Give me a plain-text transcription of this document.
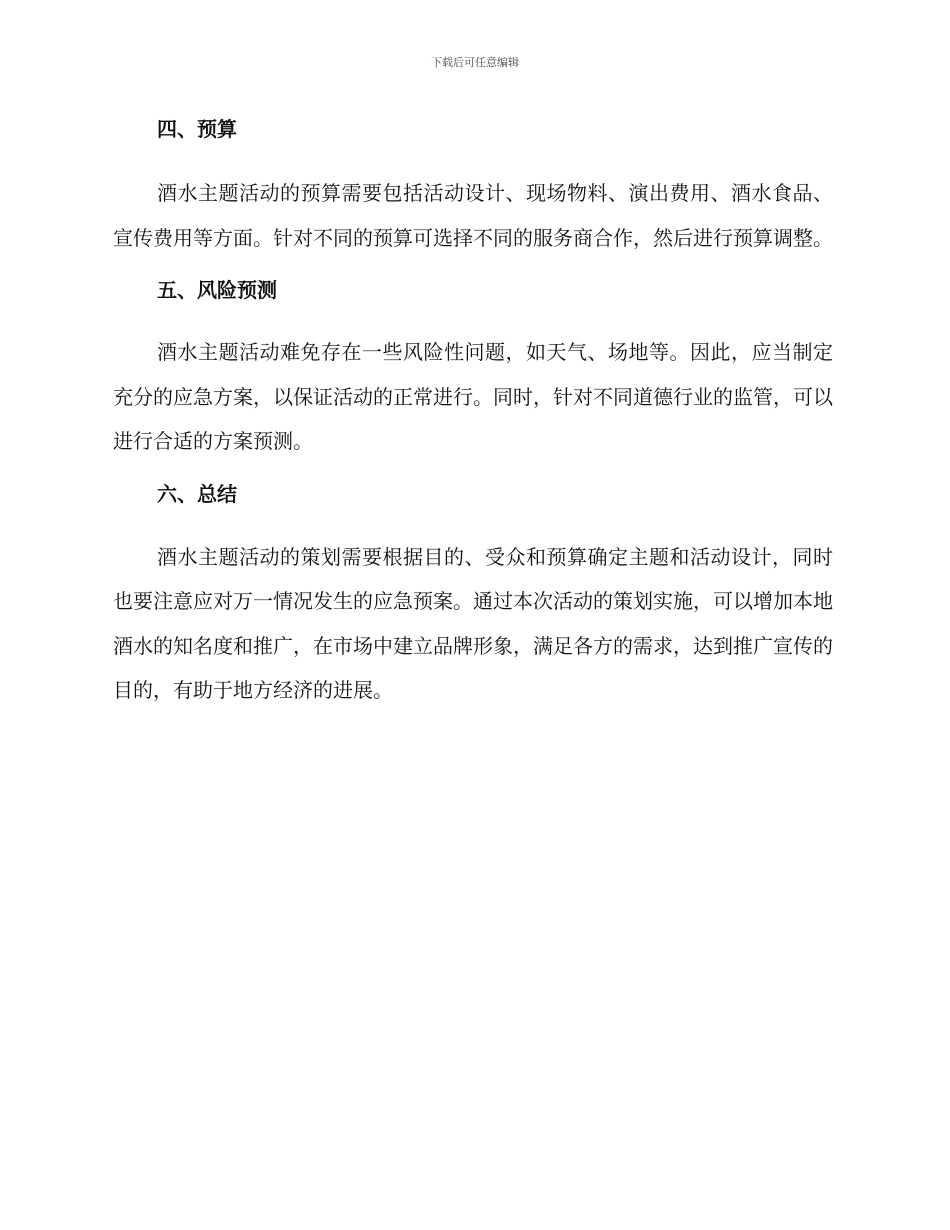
下载后可任意编辑

四、预算

酒水主题活动的预算需要包括活动设计、现场物料、演出费用、酒水食品、宣传费用等方面。针对不同的预算可选择不同的服务商合作，然后进行预算调整。

五、风险预测

酒水主题活动难免存在一些风险性问题，如天气、场地等。因此，应当制定充分的应急方案，以保证活动的正常进行。同时，针对不同道德行业的监管，可以进行合适的方案预测。

六、总结

酒水主题活动的策划需要根据目的、受众和预算确定主题和活动设计，同时也要注意应对万一情况发生的应急预案。通过本次活动的策划实施，可以增加本地酒水的知名度和推广，在市场中建立品牌形象，满足各方的需求，达到推广宣传的目的，有助于地方经济的进展。
